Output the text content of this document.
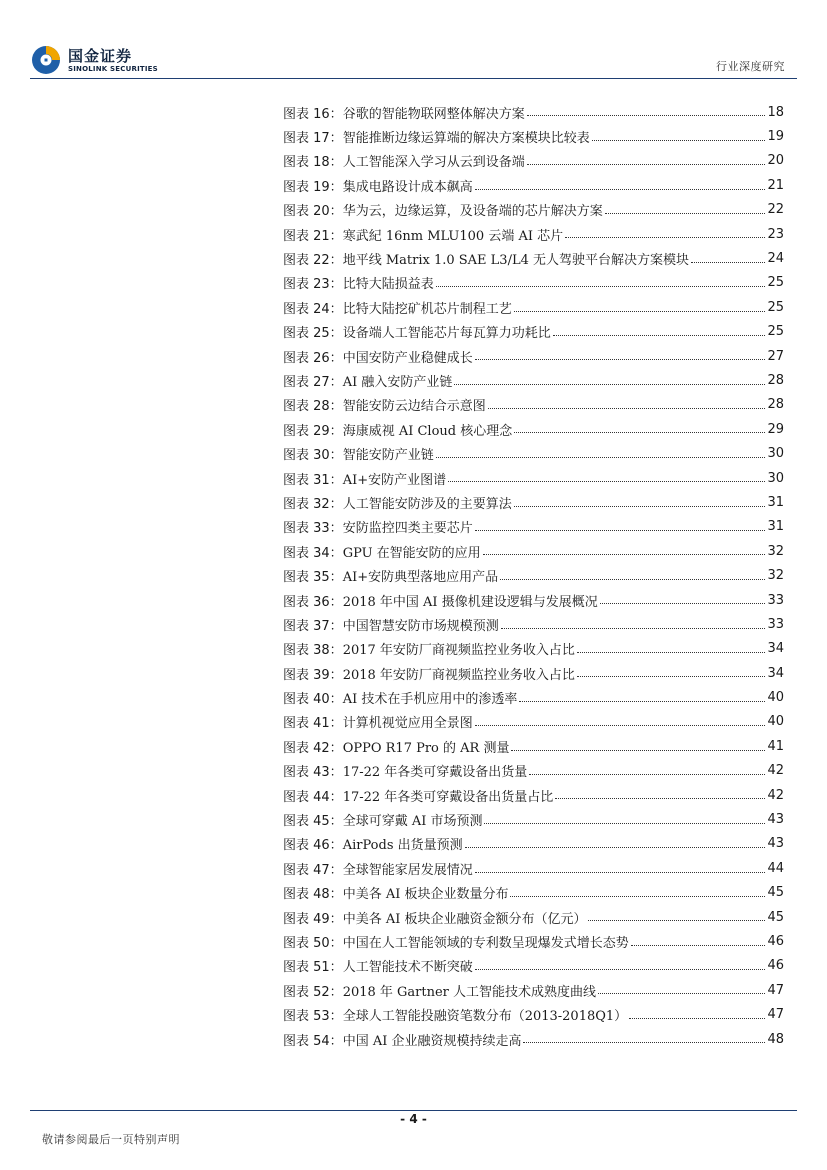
国金证券
SINOLINK SECURITIES	行业深度研究
图表 16： 谷歌的智能物联网整体解决方案	18
图表 17： 智能推断边缘运算端的解决方案模块比较表	19
图表 18： 人工智能深入学习从云到设备端	20
图表 19： 集成电路设计成本飙高	21
图表 20： 华为云，边缘运算，及设备端的芯片解决方案	22
图表 21： 寒武紀 16nm MLU100 云端 AI 芯片	23
图表 22： 地平线 Matrix 1.0 SAE L3/L4 无人驾驶平台解决方案模块	24
图表 23： 比特大陆损益表	25
图表 24： 比特大陆挖矿机芯片制程工艺	25
图表 25： 设备端人工智能芯片每瓦算力功耗比	25
图表 26： 中国安防产业稳健成长	27
图表 27： AI 融入安防产业链	28
图表 28： 智能安防云边结合示意图	28
图表 29： 海康威视 AI Cloud 核心理念	29
图表 30： 智能安防产业链	30
图表 31： AI+安防产业图谱	30
图表 32： 人工智能安防涉及的主要算法	31
图表 33： 安防监控四类主要芯片	31
图表 34： GPU 在智能安防的应用	32
图表 35： AI+安防典型落地应用产品	32
图表 36： 2018 年中国 AI 摄像机建设逻辑与发展概况	33
图表 37： 中国智慧安防市场规模预测	33
图表 38： 2017 年安防厂商视频监控业务收入占比	34
图表 39： 2018 年安防厂商视频监控业务收入占比	34
图表 40： AI 技术在手机应用中的渗透率	40
图表 41： 计算机视觉应用全景图	40
图表 42： OPPO R17 Pro 的 AR 测量	41
图表 43： 17-22 年各类可穿戴设备出货量	42
图表 44： 17-22 年各类可穿戴设备出货量占比	42
图表 45： 全球可穿戴 AI 市场预测	43
图表 46： AirPods 出货量预测	43
图表 47： 全球智能家居发展情况	44
图表 48： 中美各 AI 板块企业数量分布	45
图表 49： 中美各 AI 板块企业融资金额分布（亿元）	45
图表 50： 中国在人工智能领域的专利数呈现爆发式增长态势	46
图表 51： 人工智能技术不断突破	46
图表 52： 2018 年 Gartner 人工智能技术成熟度曲线	47
图表 53： 全球人工智能投融资笔数分布（2013-2018Q1）	47
图表 54： 中国 AI 企业融资规模持续走高	48
- 4 -
敬请参阅最后一页特别声明
